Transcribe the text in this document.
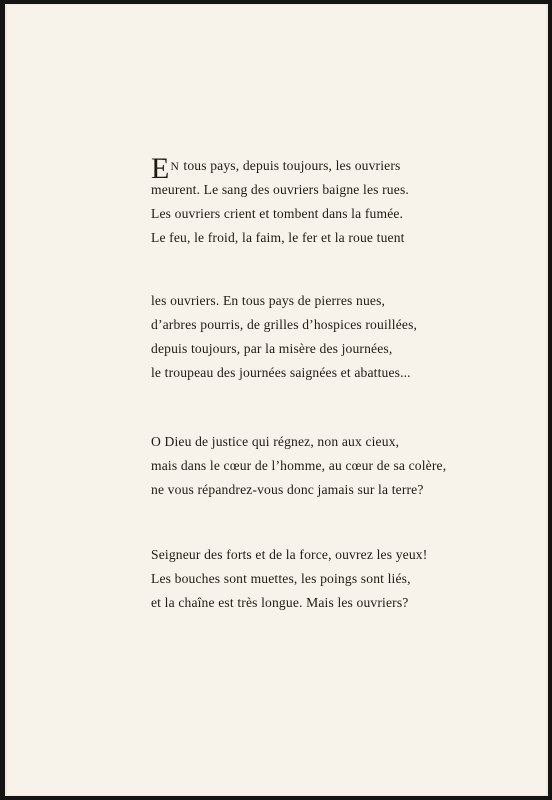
EN tous pays, depuis toujours, les ouvriers
meurent. Le sang des ouvriers baigne les rues.
Les ouvriers crient et tombent dans la fumée.
Le feu, le froid, la faim, le fer et la roue tuent
les ouvriers. En tous pays de pierres nues,
d’arbres pourris, de grilles d’hospices rouillées,
depuis toujours, par la misère des journées,
le troupeau des journées saignées et abattues...
O Dieu de justice qui régnez, non aux cieux,
mais dans le cœur de l’homme, au cœur de sa colère,
ne vous répandrez-vous donc jamais sur la terre?
Seigneur des forts et de la force, ouvrez les yeux!
Les bouches sont muettes, les poings sont liés,
et la chaîne est très longue. Mais les ouvriers?
